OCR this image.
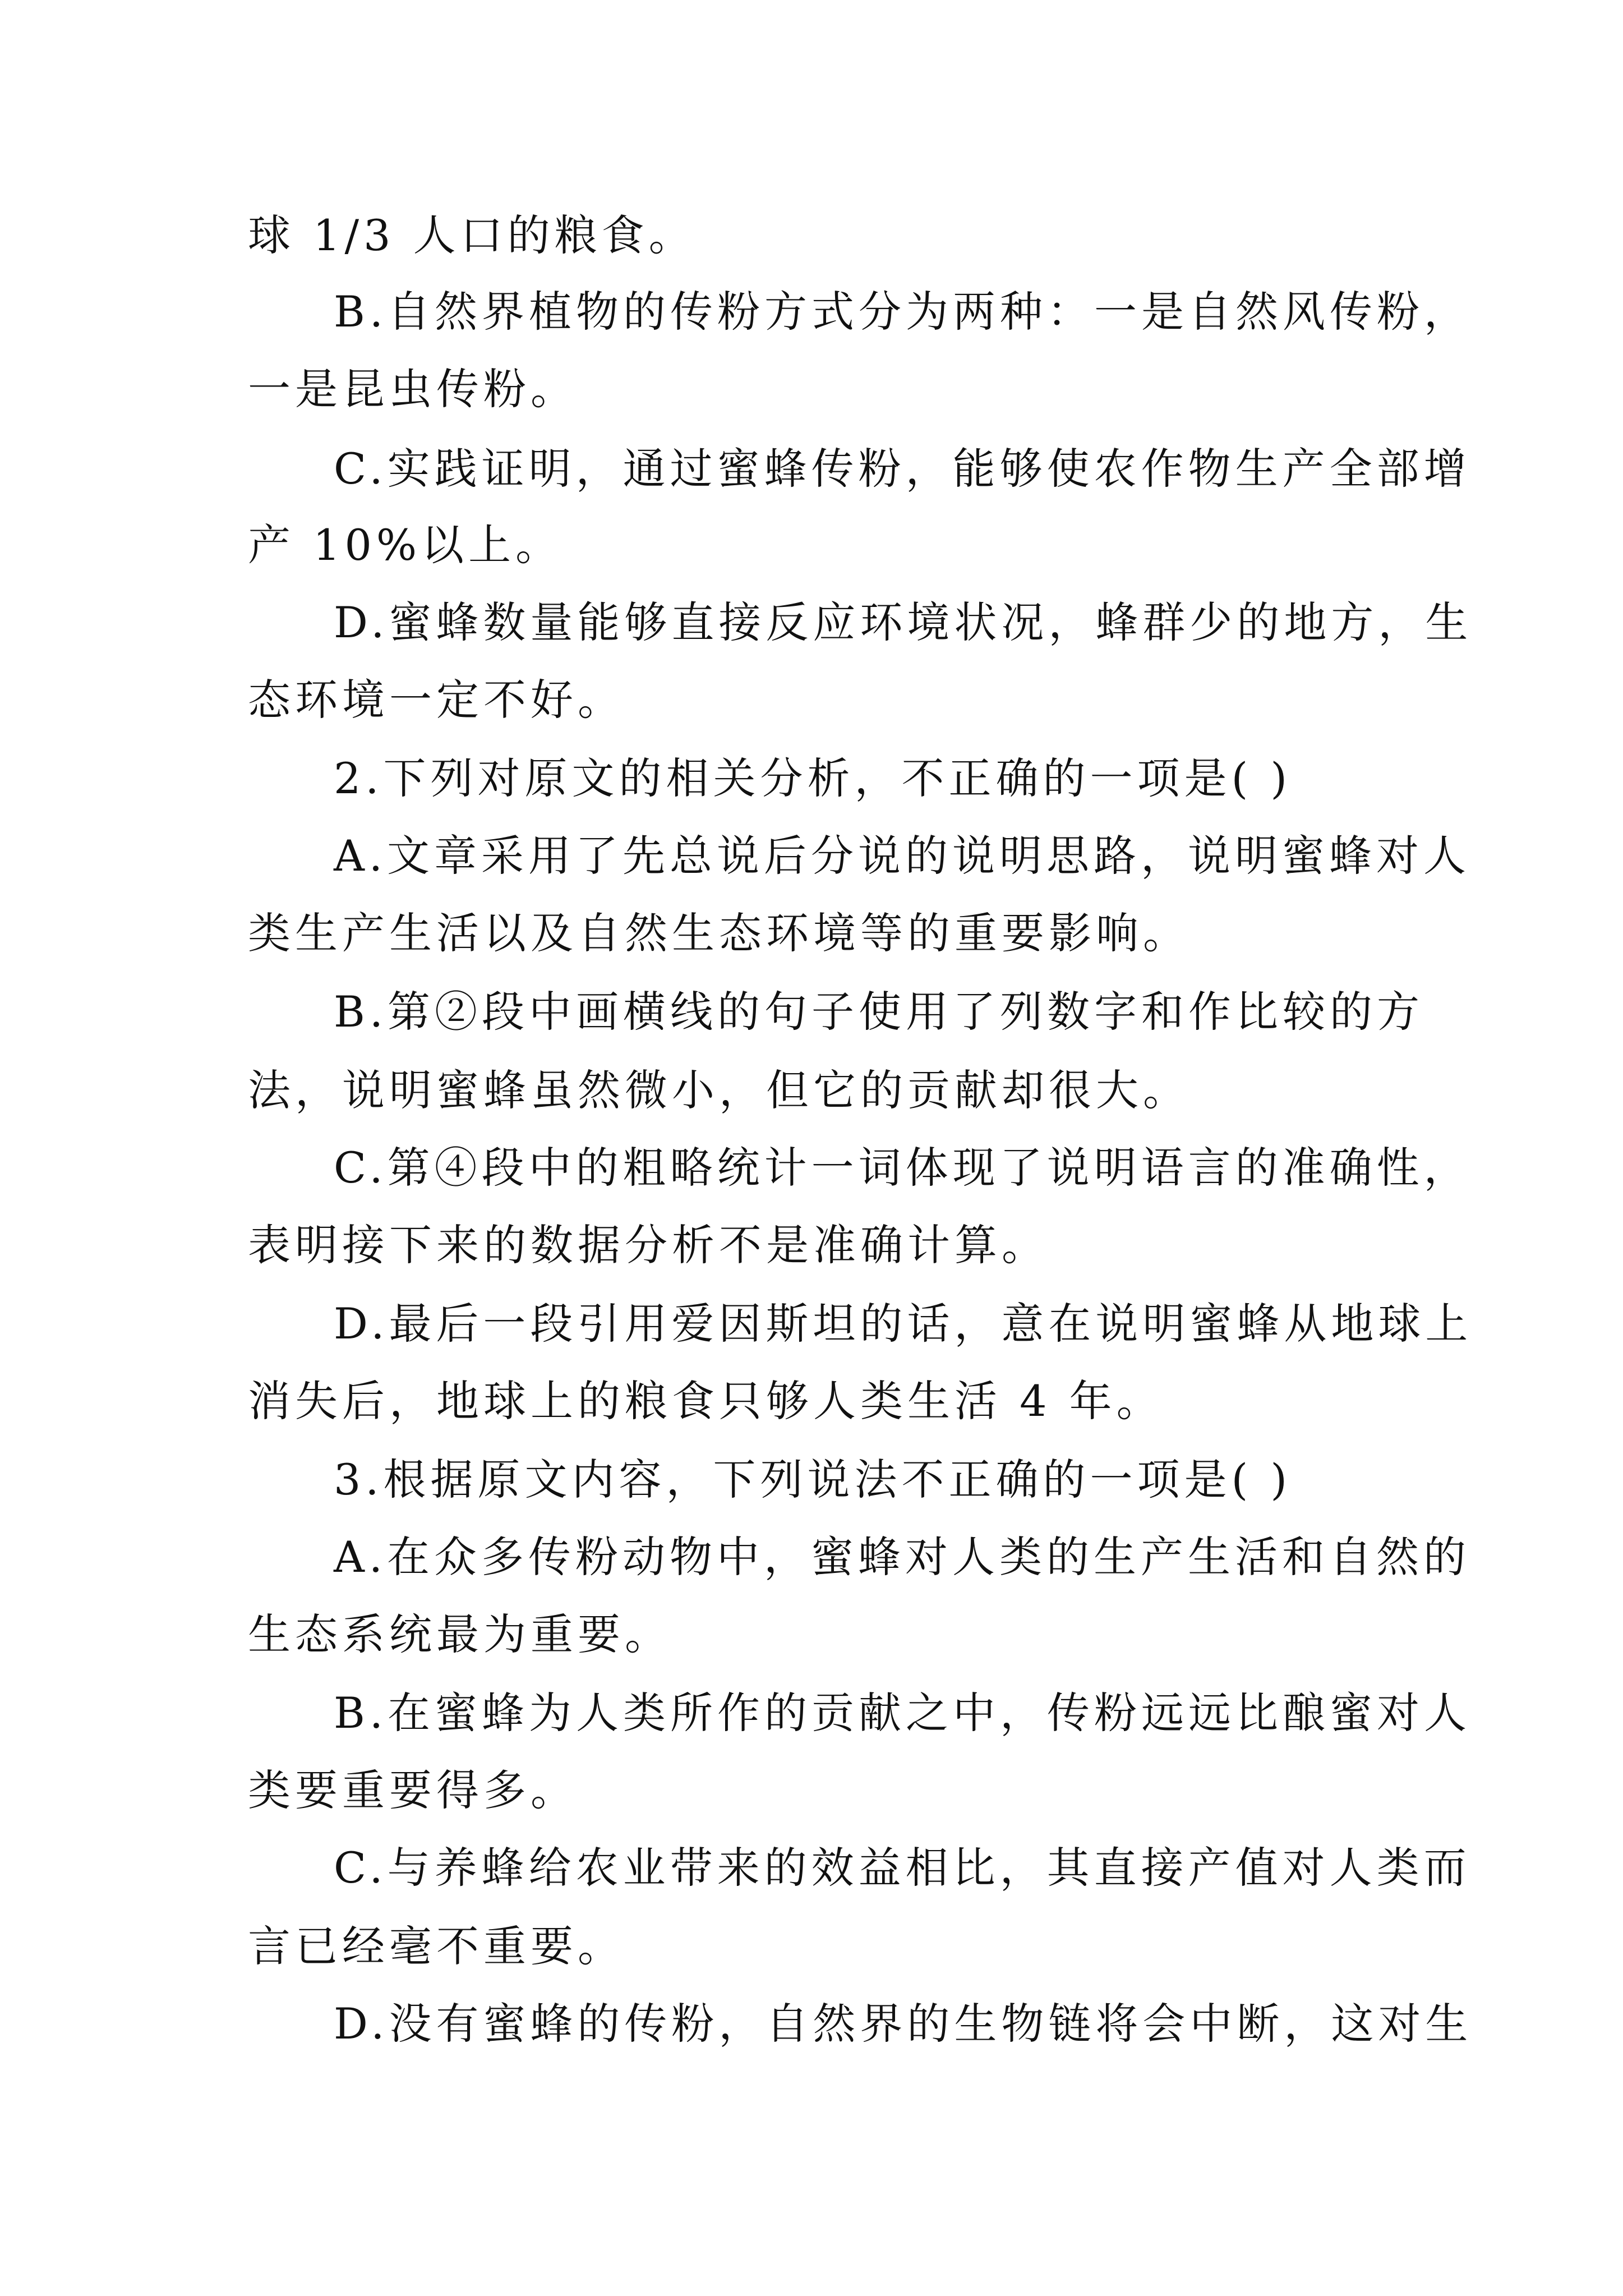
球 1/3 人口的粮食。
B.自然界植物的传粉方式分为两种：一是自然风传粉，
一是昆虫传粉。
C.实践证明，通过蜜蜂传粉，能够使农作物生产全部增
产 10%以上。
D.蜜蜂数量能够直接反应环境状况，蜂群少的地方，生
态环境一定不好。
2.下列对原文的相关分析，不正确的一项是( )
A.文章采用了先总说后分说的说明思路，说明蜜蜂对人
类生产生活以及自然生态环境等的重要影响。
B.第②段中画横线的句子使用了列数字和作比较的方
法，说明蜜蜂虽然微小，但它的贡献却很大。
C.第④段中的粗略统计一词体现了说明语言的准确性，
表明接下来的数据分析不是准确计算。
D.最后一段引用爱因斯坦的话，意在说明蜜蜂从地球上
消失后，地球上的粮食只够人类生活 4 年。
3.根据原文内容，下列说法不正确的一项是( )
A.在众多传粉动物中，蜜蜂对人类的生产生活和自然的
生态系统最为重要。
B.在蜜蜂为人类所作的贡献之中，传粉远远比酿蜜对人
类要重要得多。
C.与养蜂给农业带来的效益相比，其直接产值对人类而
言已经毫不重要。
D.没有蜜蜂的传粉，自然界的生物链将会中断，这对生
